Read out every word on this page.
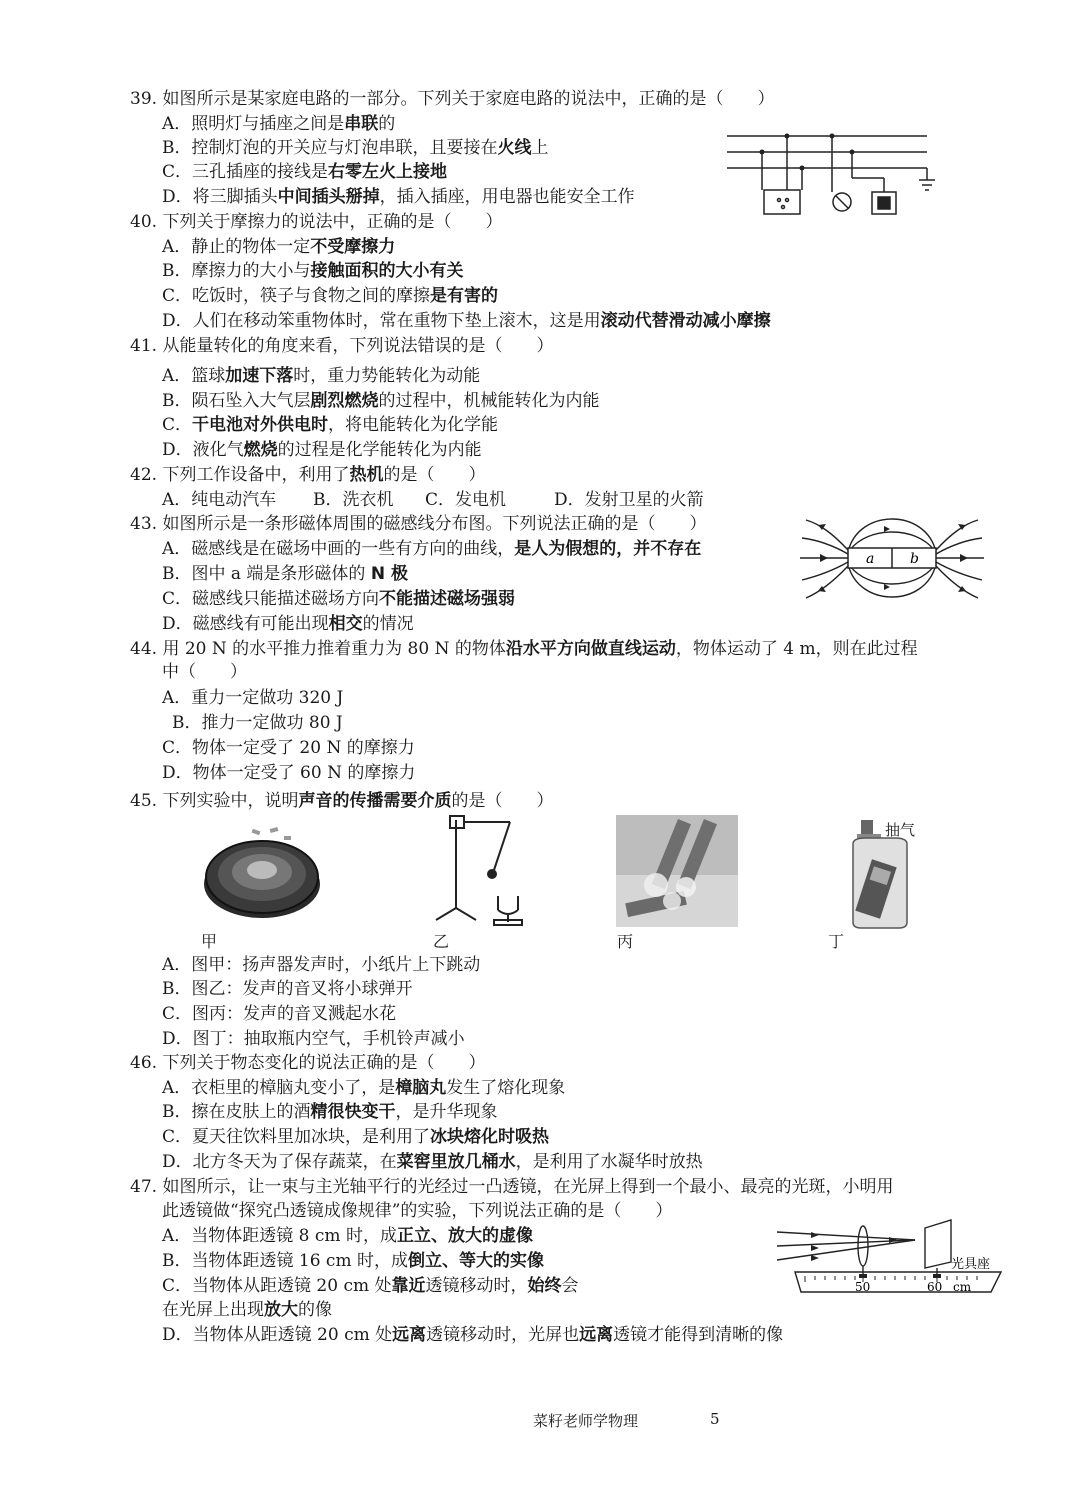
39. 如图所示是某家庭电路的一部分。下列关于家庭电路的说法中，正确的是（　　）
A．照明灯与插座之间是串联的
B．控制灯泡的开关应与灯泡串联，且要接在火线上
C．三孔插座的接线是右零左火上接地
D．将三脚插头中间插头掰掉，插入插座，用电器也能安全工作
40. 下列关于摩擦力的说法中，正确的是（　　）
A．静止的物体一定不受摩擦力
B．摩擦力的大小与接触面积的大小有关
C．吃饭时，筷子与食物之间的摩擦是有害的
D．人们在移动笨重物体时，常在重物下垫上滚木，这是用滚动代替滑动减小摩擦
41. 从能量转化的角度来看，下列说法错误的是（　　）
A．篮球加速下落时，重力势能转化为动能
B．陨石坠入大气层剧烈燃烧的过程中，机械能转化为内能
C．干电池对外供电时，将电能转化为化学能
D．液化气燃烧的过程是化学能转化为内能
42. 下列工作设备中，利用了热机的是（　　）
A．纯电动汽车 B．洗衣机 C．发电机	D．发射卫星的火箭
43. 如图所示是一条形磁体周围的磁感线分布图。下列说法正确的是（　　）
A．磁感线是在磁场中画的一些有方向的曲线，是人为假想的，并不存在
B．图中 a 端是条形磁体的 N 极
C．磁感线只能描述磁场方向不能描述磁场强弱
D．磁感线有可能出现相交的情况
a	b
44. 用 20 N 的水平推力推着重力为 80 N 的物体沿水平方向做直线运动，物体运动了 4 m，则在此过程
中（　　）
A．重力一定做功 320 J
B．推力一定做功 80 J
C．物体一定受了 20 N 的摩擦力
D．物体一定受了 60 N 的摩擦力
45. 下列实验中，说明声音的传播需要介质的是（　　）
抽气
甲	乙	丙	丁
A．图甲：扬声器发声时，小纸片上下跳动
B．图乙：发声的音叉将小球弹开
C．图丙：发声的音叉溅起水花
D．图丁：抽取瓶内空气，手机铃声减小
46. 下列关于物态变化的说法正确的是（　　）
A．衣柜里的樟脑丸变小了，是樟脑丸发生了熔化现象
B．擦在皮肤上的酒精很快变干，是升华现象
C．夏天往饮料里加冰块，是利用了冰块熔化时吸热
D．北方冬天为了保存蔬菜，在菜窖里放几桶水，是利用了水凝华时放热
47. 如图所示，让一束与主光轴平行的光经过一凸透镜，在光屏上得到一个最小、最亮的光斑，小明用
此透镜做“探究凸透镜成像规律”的实验，下列说法正确的是（　　）
A．当物体距透镜 8 cm 时，成正立、放大的虚像
B．当物体距透镜 16 cm 时，成倒立、等大的实像
C．当物体从距透镜 20 cm 处靠近透镜移动时，始终会
在光屏上出现放大的像
D．当物体从距透镜 20 cm 处远离透镜移动时，光屏也远离透镜才能得到清晰的像
50	60 cm
光具座
菜籽老师学物理	5
